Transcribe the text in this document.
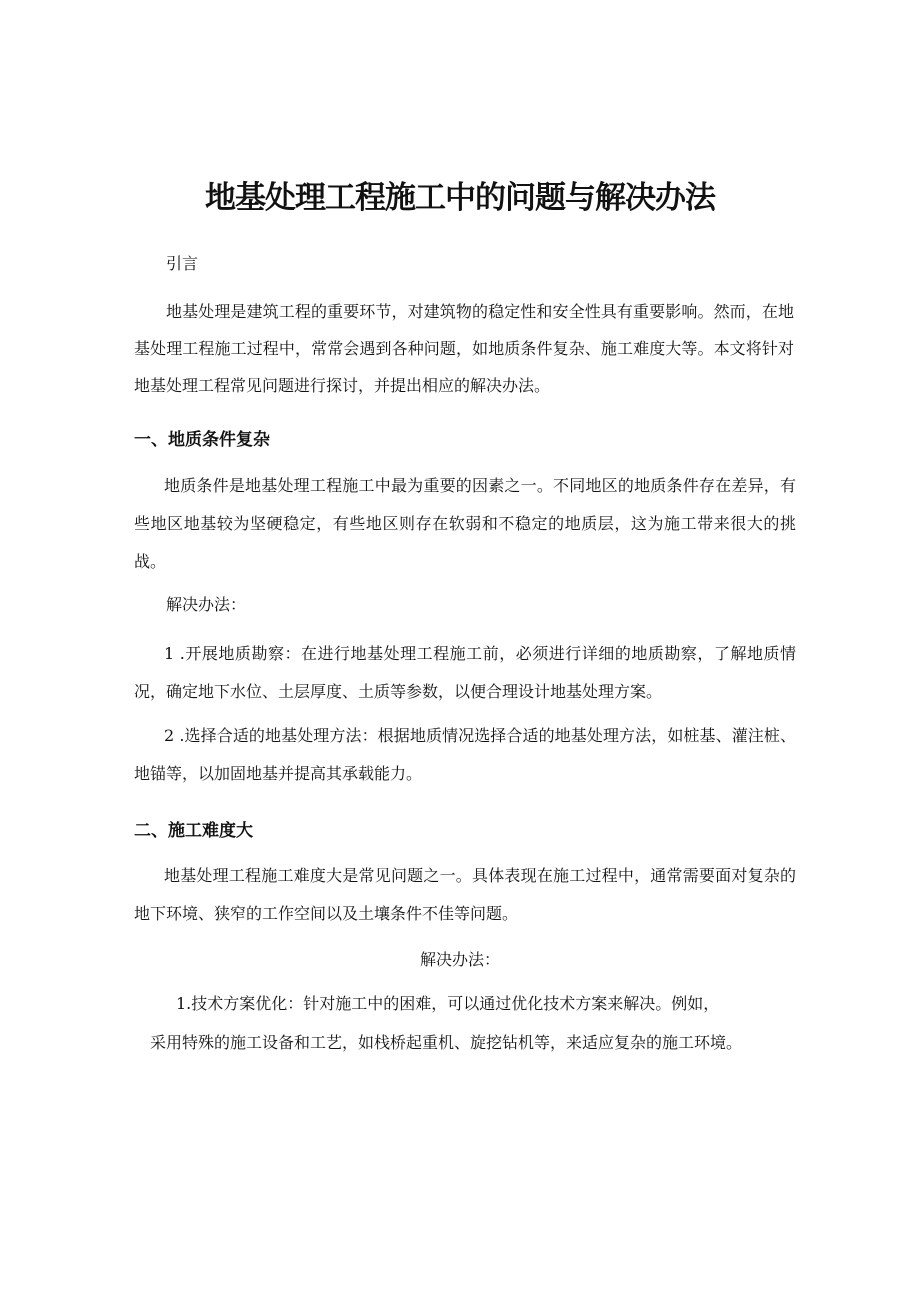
地基处理工程施工中的问题与解决办法
引言
地基处理是建筑工程的重要环节，对建筑物的稳定性和安全性具有重要影响。然而，在地基处理工程施工过程中，常常会遇到各种问题，如地质条件复杂、施工难度大等。本文将针对地基处理工程常见问题进行探讨，并提出相应的解决办法。
一、地质条件复杂
地质条件是地基处理工程施工中最为重要的因素之一。不同地区的地质条件存在差异，有些地区地基较为坚硬稳定，有些地区则存在软弱和不稳定的地质层，这为施工带来很大的挑战。
解决办法：
1 .开展地质勘察：在进行地基处理工程施工前，必须进行详细的地质勘察，了解地质情况，确定地下水位、土层厚度、土质等参数，以便合理设计地基处理方案。
2 .选择合适的地基处理方法：根据地质情况选择合适的地基处理方法，如桩基、灌注桩、地锚等，以加固地基并提高其承载能力。
二、施工难度大
地基处理工程施工难度大是常见问题之一。具体表现在施工过程中，通常需要面对复杂的地下环境、狭窄的工作空间以及土壤条件不佳等问题。
解决办法：
1.技术方案优化：针对施工中的困难，可以通过优化技术方案来解决。例如，
采用特殊的施工设备和工艺，如栈桥起重机、旋挖钻机等，来适应复杂的施工环境。
